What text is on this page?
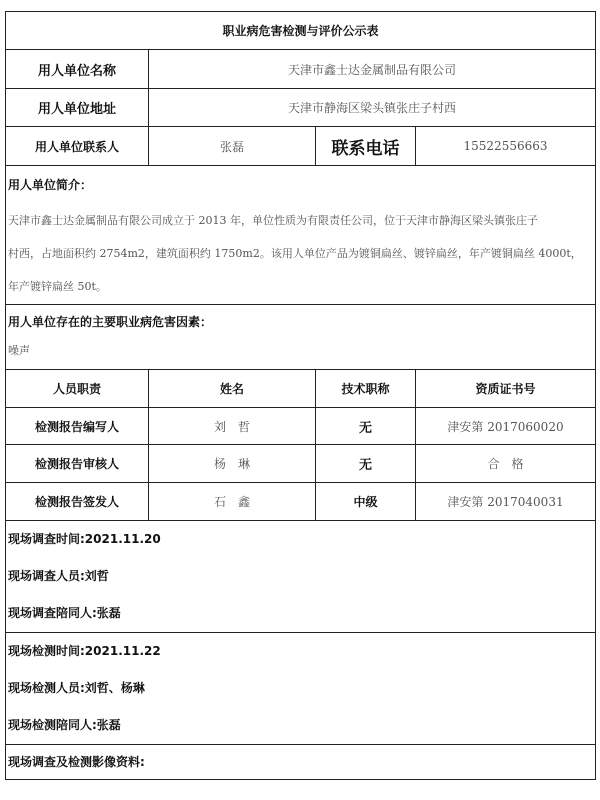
职业病危害检测与评价公示表			
用人单位名称	天津市鑫士达金属制品有限公司		
用人单位地址	天津市静海区梁头镇张庄子村西		
用人单位联系人	张磊	联系电话	15522556663

用人单位简介：
天津市鑫士达金属制品有限公司成立于 2013 年，单位性质为有限责任公司，位于天津市静海区梁头镇张庄子
村西，占地面积约 2754m2，建筑面积约 1750m2。该用人单位产品为镀铜扁丝、镀锌扁丝，年产镀铜扁丝 4000t，
年产镀锌扁丝 50t。			

用人单位存在的主要职业病危害因素：
噪声			

人员职责	姓名	技术职称	资质证书号
检测报告编写人	刘　哲	无	津安第 2017060020
检测报告审核人	杨　琳	无	合　格
检测报告签发人	石　鑫	中级	津安第 2017040031

现场调查时间:2021.11.20
现场调查人员:刘哲
现场调查陪同人:张磊			

现场检测时间:2021.11.22
现场检测人员:刘哲、杨琳
现场检测陪同人:张磊			

现场调查及检测影像资料:			
